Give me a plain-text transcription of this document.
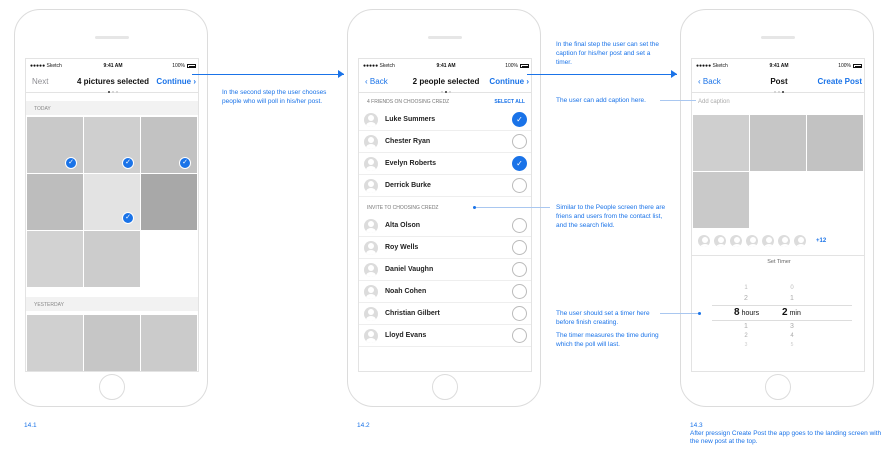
●●●●● Sketch	9:41 AM	100%
Next	4 pictures selected Continue ›
TODAY
✓	✓	✓
✓
YESTERDAY
●●●●● Sketch	9:41 AM	100%
‹ Back	2 people selected	Continue ›
4 FRIENDS ON CHOOSING CREDZ	SELECT ALL
Luke Summers	✓
Chester Ryan
Evelyn Roberts	✓
Derrick Burke
INVITE TO CHOOSING CREDZ
Alta Olson
Roy Wells
Daniel Vaughn
Noah Cohen
Christian Gilbert
Lloyd Evans
●●●●● Sketch	9:41 AM	100%
‹ Back	Post	Create Post
Add caption
+12
Set Timer
1	0
2	1
8 hours 2 min
1	3
2	4
3	5
In the second step the user chooses people who will poll in his/her post.
In the final step the user can set the caption for his/her post and set a timer.
The user can add caption here.
Similar to the People screen there are friens and users from the contact list, and the search field.
The user should set a timer here before finish creating.
The timer measures the time during which the poll will last.
14.1	14.2	14.3
After pressign Create Post the app goes to the landing screen with the new post at the top.
